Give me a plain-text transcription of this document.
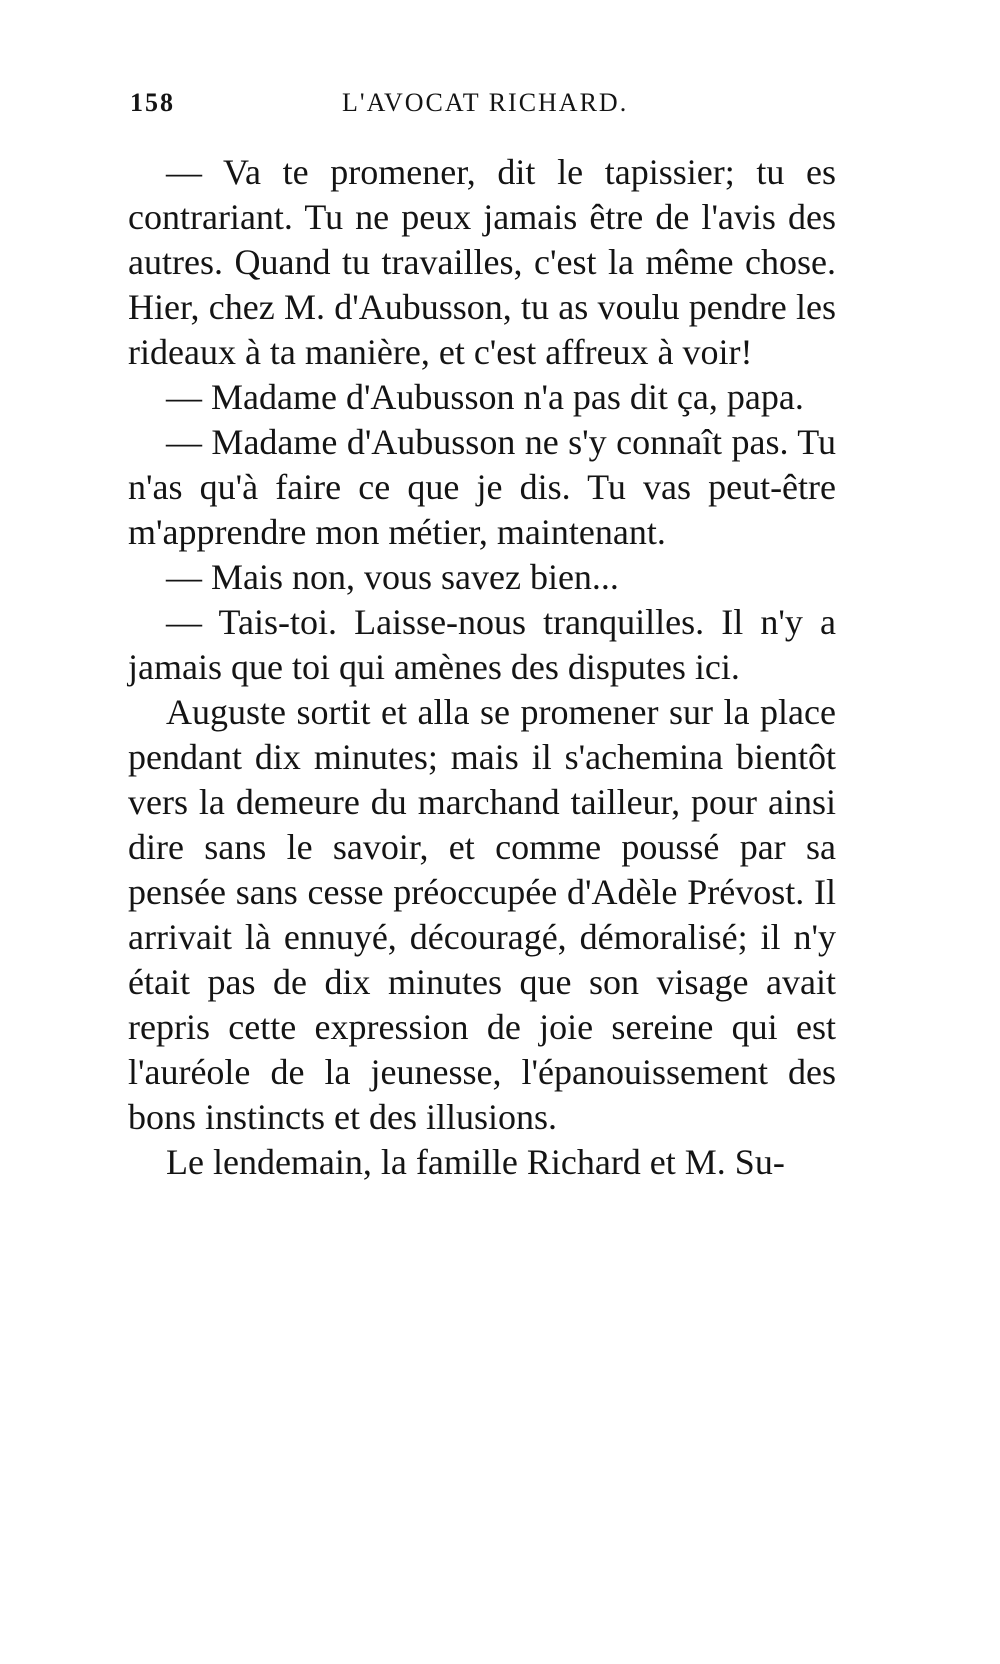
158	L'AVOCAT RICHARD.

— Va te promener, dit le tapissier; tu es contrariant. Tu ne peux jamais être de l'avis des autres. Quand tu travailles, c'est la même chose. Hier, chez M. d'Aubusson, tu as voulu pendre les rideaux à ta manière, et c'est affreux à voir!

— Madame d'Aubusson n'a pas dit ça, papa.

— Madame d'Aubusson ne s'y connaît pas. Tu n'as qu'à faire ce que je dis. Tu vas peut-être m'apprendre mon métier, maintenant.

— Mais non, vous savez bien...

— Tais-toi. Laisse-nous tranquilles. Il n'y a jamais que toi qui amènes des disputes ici.

Auguste sortit et alla se promener sur la place pendant dix minutes; mais il s'achemina bientôt vers la demeure du marchand tailleur, pour ainsi dire sans le savoir, et comme poussé par sa pensée sans cesse préoccupée d'Adèle Prévost. Il arrivait là ennuyé, découragé, démoralisé; il n'y était pas de dix minutes que son visage avait repris cette expression de joie sereine qui est l'auréole de la jeunesse, l'épanouissement des bons instincts et des illusions.

Le lendemain, la famille Richard et M. Su-
